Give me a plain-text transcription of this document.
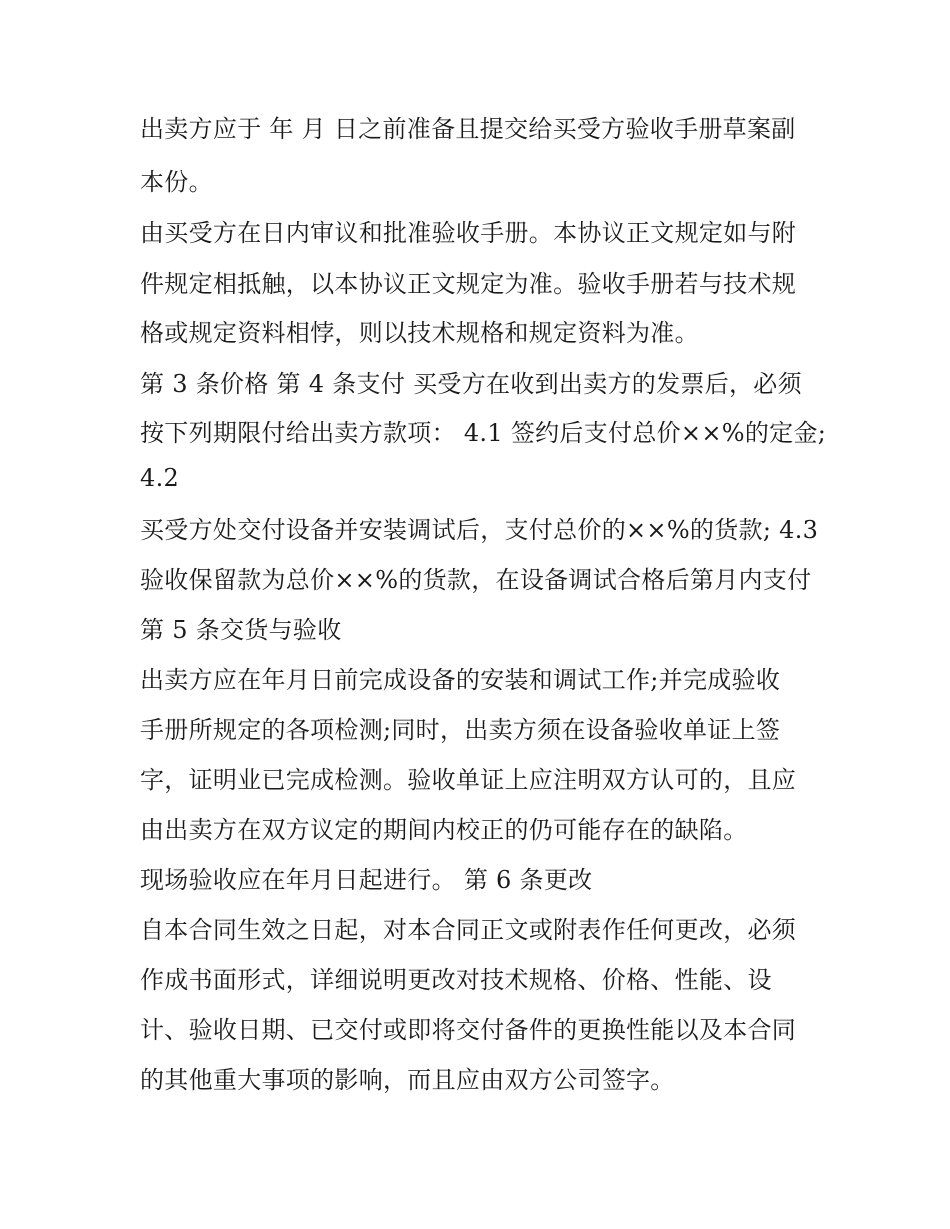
出卖方应于 年 月 日之前准备且提交给买受方验收手册草案副
本份。
由买受方在日内审议和批准验收手册。本协议正文规定如与附
件规定相抵触，以本协议正文规定为准。验收手册若与技术规
格或规定资料相悖，则以技术规格和规定资料为准。
第 3 条价格 第 4 条支付 买受方在收到出卖方的发票后，必须
按下列期限付给出卖方款项： 4.1 签约后支付总价××%的定金;
4.2
买受方处交付设备并安装调试后，支付总价的××%的货款; 4.3
验收保留款为总价××%的货款，在设备调试合格后第月内支付
第 5 条交货与验收
出卖方应在年月日前完成设备的安装和调试工作;并完成验收
手册所规定的各项检测;同时，出卖方须在设备验收单证上签
字，证明业已完成检测。验收单证上应注明双方认可的，且应
由出卖方在双方议定的期间内校正的仍可能存在的缺陷。
现场验收应在年月日起进行。 第 6 条更改
自本合同生效之日起，对本合同正文或附表作任何更改，必须
作成书面形式，详细说明更改对技术规格、价格、性能、设
计、验收日期、已交付或即将交付备件的更换性能以及本合同
的其他重大事项的影响，而且应由双方公司签字。
